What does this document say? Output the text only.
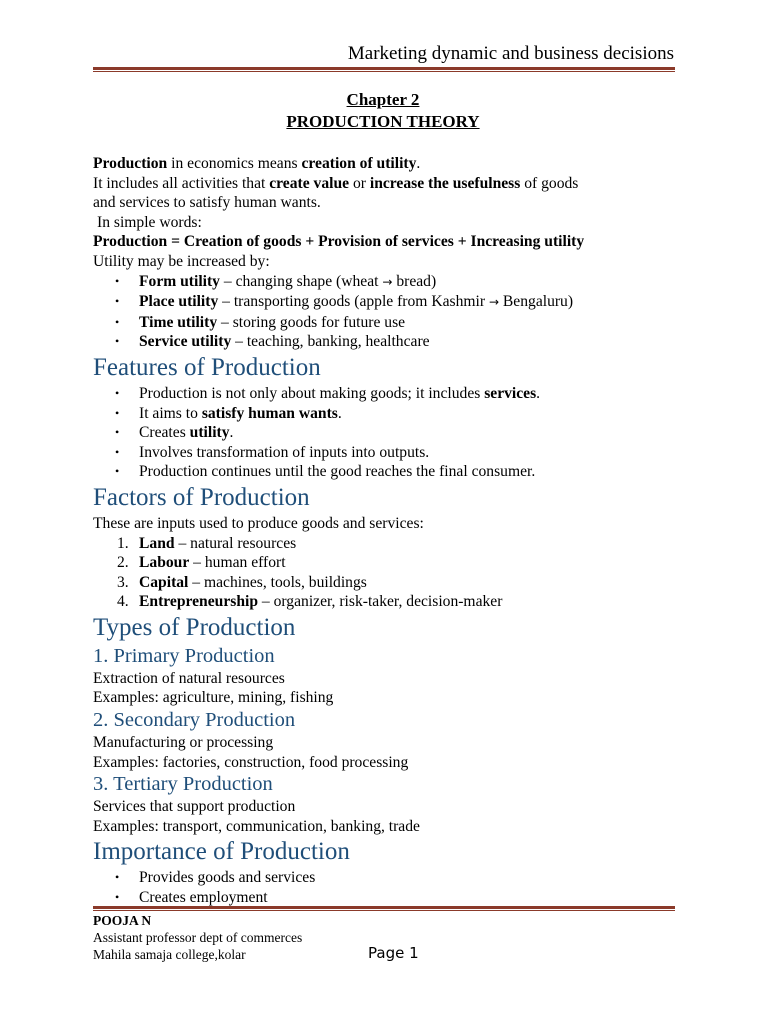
Marketing dynamic and business decisions
Chapter 2
PRODUCTION THEORY

Production in economics means creation of utility.

It includes all activities that create value or increase the usefulness of goods

and services to satisfy human wants.

In simple words:

Production = Creation of goods + Provision of services + Increasing utility

Utility may be increased by:

• Form utility – changing shape (wheat → bread)
• Place utility – transporting goods (apple from Kashmir → Bengaluru)
• Time utility – storing goods for future use
• Service utility – teaching, banking, healthcare
Features of Production
• Production is not only about making goods; it includes services.
• It aims to satisfy human wants.
• Creates utility.
• Involves transformation of inputs into outputs.
• Production continues until the good reaches the final consumer.
Factors of Production

These are inputs used to produce goods and services:

1. Land – natural resources
2. Labour – human effort
3. Capital – machines, tools, buildings
4. Entrepreneurship – organizer, risk-taker, decision-maker
Types of Production
1. Primary Production

Extraction of natural resources

Examples: agriculture, mining, fishing

2. Secondary Production

Manufacturing or processing

Examples: factories, construction, food processing

3. Tertiary Production

Services that support production

Examples: transport, communication, banking, trade

Importance of Production
• Provides goods and services
• Creates employment
POOJA N
Assistant professor dept of commerces
Mahila samaja college,kolar	Page 1
